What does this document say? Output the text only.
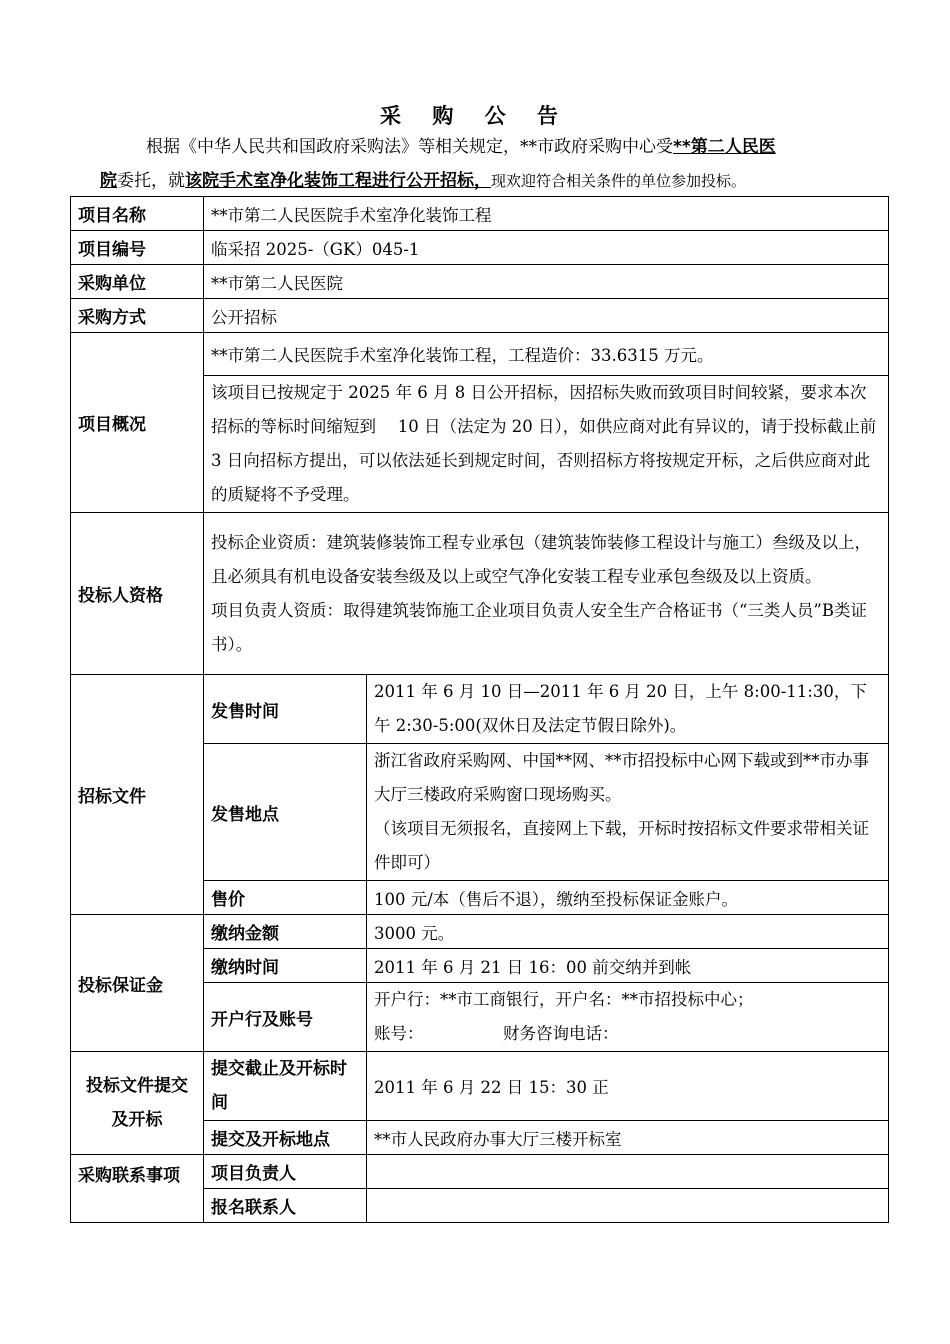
采 购 公 告
根据《中华人民共和国政府采购法》等相关规定，**市政府采购中心受**第二人民医
院委托，就该院手术室净化装饰工程进行公开招标，现欢迎符合相关条件的单位参加投标。
项目名称	**市第二人民医院手术室净化装饰工程	
项目编号	临采招 2025-（GK）045-1	
采购单位	**市第二人民医院	
采购方式	公开招标	
项目概况	**市第二人民医院手术室净化装饰工程，工程造价：33.6315 万元。	
	该项目已按规定于 2025 年 6 月 8 日公开招标，因招标失败而致项目时间较紧，要求本次招标的等标时间缩短到　 10 日（法定为 20 日），如供应商对此有异议的，请于投标截止前 3 日向招标方提出，可以依法延长到规定时间，否则招标方将按规定开标，之后供应商对此的质疑将不予受理。	
投标人资格	投标企业资质：建筑装修装饰工程专业承包（建筑装饰装修工程设计与施工）叁级及以上，且必须具有机电设备安装叁级及以上或空气净化安装工程专业承包叁级及以上资质。
项目负责人资质：取得建筑装饰施工企业项目负责人安全生产合格证书（“三类人员”B类证书）。	

招标文件	发售时间	2011 年 6 月 10 日—2011 年 6 月 20 日，上午 8:00-11:30，下午 2:30-5:00(双休日及法定节假日除外)。
	发售地点	浙江省政府采购网、中国**网、**市招投标中心网下载或到**市办事大厅三楼政府采购窗口现场购买。
（该项目无须报名，直接网上下载，开标时按招标文件要求带相关证件即可）

	售价	100 元/本（售后不退），缴纳至投标保证金账户。
投标保证金	缴纳金额	3000 元。
	缴纳时间	2011 年 6 月 21 日 16：00 前交纳并到帐
	开户行及账号	开户行：**市工商银行，开户名：**市招投标中心；
账号：　　　　　 财务咨询电话：

投标文件提交及开标	提交截止及开标时间	2011 年 6 月 22 日 15：30 正
	提交及开标地点	**市人民政府办事大厅三楼开标室
采购联系事项	项目负责人	
	报名联系人	
